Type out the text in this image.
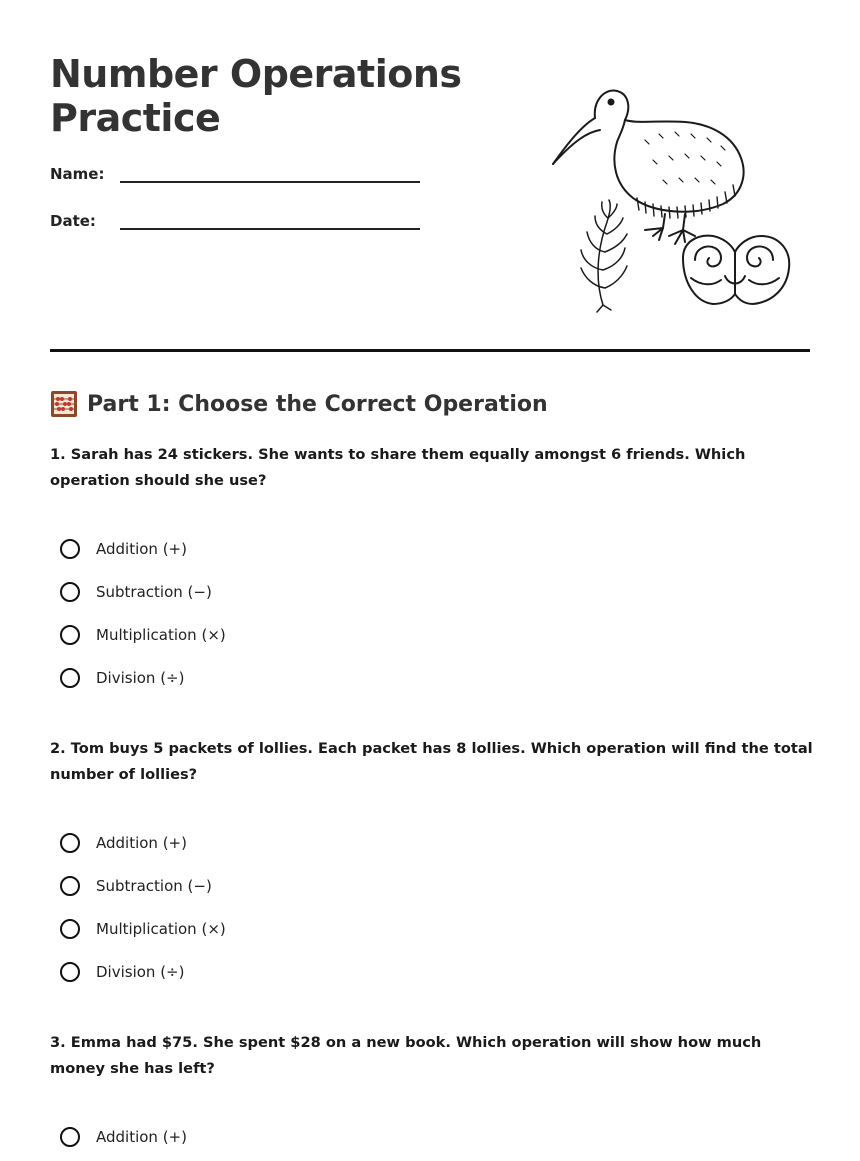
Number Operations
Practice
Name:
Date:
Part 1: Choose the Correct Operation
1. Sarah has 24 stickers. She wants to share them equally amongst 6 friends. Which operation should she use?
Addition (+)
Subtraction (−)
Multiplication (×)
Division (÷)
2. Tom buys 5 packets of lollies. Each packet has 8 lollies. Which operation will find the total number of lollies?
Addition (+)
Subtraction (−)
Multiplication (×)
Division (÷)
3. Emma had $75. She spent $28 on a new book. Which operation will show how much money she has left?
Addition (+)
